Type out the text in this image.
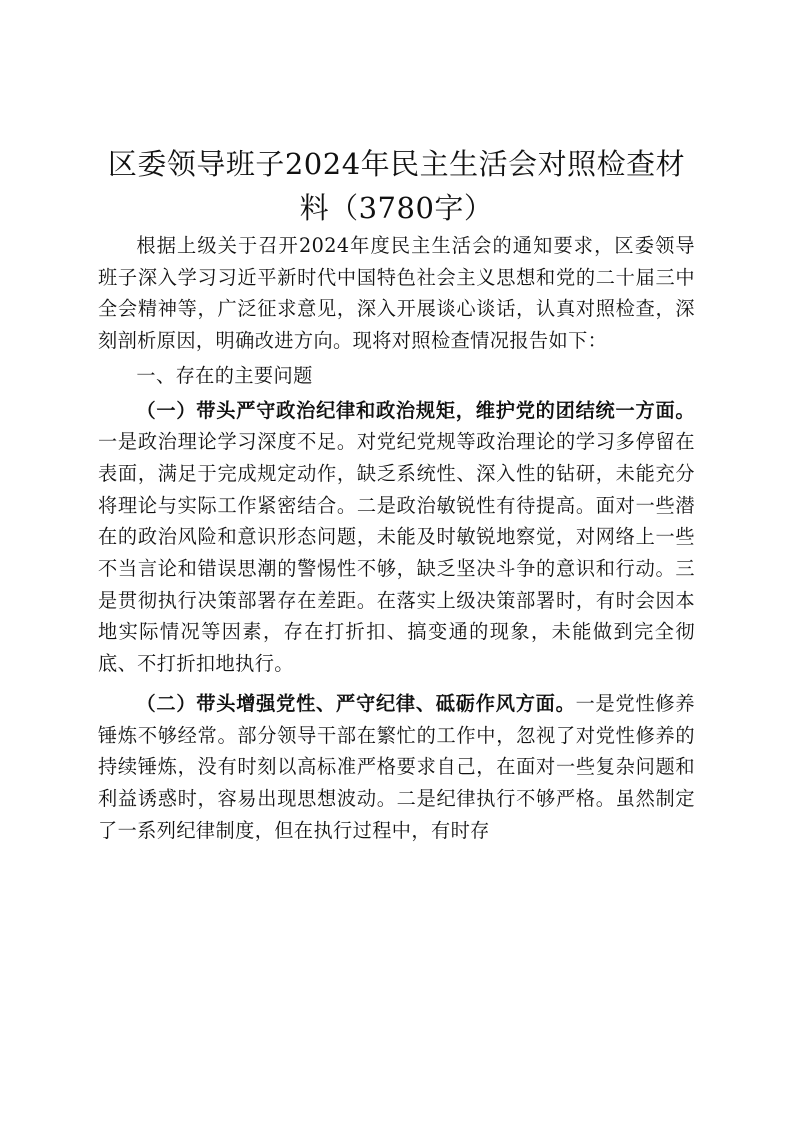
区委领导班子2024年民主生活会对照检查材料（3780字）

根据上级关于召开2024年度民主生活会的通知要求，区委领导班子深入学习习近平新时代中国特色社会主义思想和党的二十届三中全会精神等，广泛征求意见，深入开展谈心谈话，认真对照检查，深刻剖析原因，明确改进方向。现将对照检查情况报告如下：

一、存在的主要问题

（一）带头严守政治纪律和政治规矩，维护党的团结统一方面。一是政治理论学习深度不足。对党纪党规等政治理论的学习多停留在表面，满足于完成规定动作，缺乏系统性、深入性的钻研，未能充分将理论与实际工作紧密结合。二是政治敏锐性有待提高。面对一些潜在的政治风险和意识形态问题，未能及时敏锐地察觉，对网络上一些不当言论和错误思潮的警惕性不够，缺乏坚决斗争的意识和行动。三是贯彻执行决策部署存在差距。在落实上级决策部署时，有时会因本地实际情况等因素，存在打折扣、搞变通的现象，未能做到完全彻底、不打折扣地执行。

（二）带头增强党性、严守纪律、砥砺作风方面。一是党性修养锤炼不够经常。部分领导干部在繁忙的工作中，忽视了对党性修养的持续锤炼，没有时刻以高标准严格要求自己，在面对一些复杂问题和利益诱惑时，容易出现思想波动。二是纪律执行不够严格。虽然制定了一系列纪律制度，但在执行过程中，有时存
